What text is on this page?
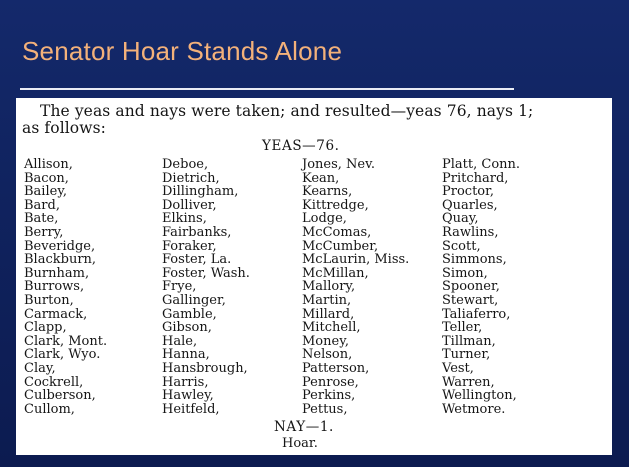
Senator Hoar Stands Alone
The yeas and nays were taken; and resulted—yeas 76, nays 1;
as follows:
YEAS—76.
Allison,
Bacon,
Bailey,
Bard,
Bate,
Berry,
Beveridge,
Blackburn,
Burnham,
Burrows,
Burton,
Carmack,
Clapp,
Clark, Mont.
Clark, Wyo.
Clay,
Cockrell,
Culberson,
Cullom,
Deboe,
Dietrich,
Dillingham,
Dolliver,
Elkins,
Fairbanks,
Foraker,
Foster, La.
Foster, Wash.
Frye,
Gallinger,
Gamble,
Gibson,
Hale,
Hanna,
Hansbrough,
Harris,
Hawley,
Heitfeld,
Jones, Nev.
Kean,
Kearns,
Kittredge,
Lodge,
McComas,
McCumber,
McLaurin, Miss.
McMillan,
Mallory,
Martin,
Millard,
Mitchell,
Money,
Nelson,
Patterson,
Penrose,
Perkins,
Pettus,
Platt, Conn.
Pritchard,
Proctor,
Quarles,
Quay,
Rawlins,
Scott,
Simmons,
Simon,
Spooner,
Stewart,
Taliaferro,
Teller,
Tillman,
Turner,
Vest,
Warren,
Wellington,
Wetmore.
NAY—1.
Hoar.
